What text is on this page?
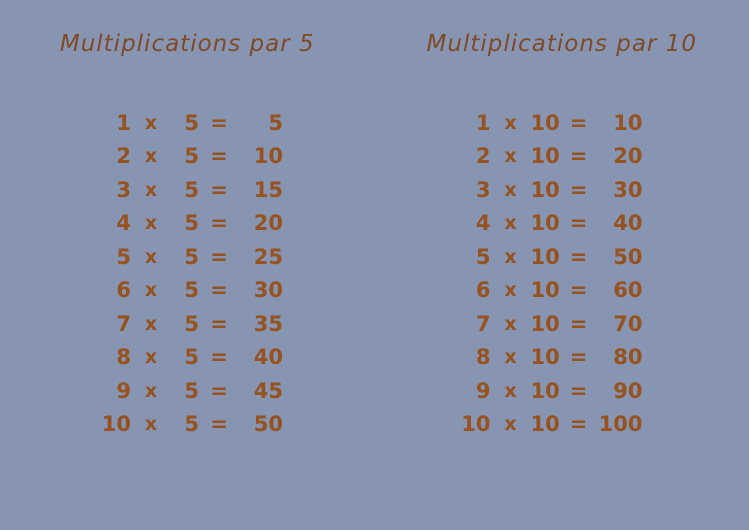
Multiplications par 5
1 x	5 =	5
2 x	5 =	10
3 x	5 =	15
4 x	5 =	20
5 x	5 =	25
6 x	5 =	30
7 x	5 =	35
8 x	5 =	40
9 x	5 =	45
10 x	5 =	50
Multiplications par 10
1 x 10 =	10
2 x 10 =	20
3 x 10 =	30
4 x 10 =	40
5 x 10 =	50
6 x 10 =	60
7 x 10 =	70
8 x 10 =	80
9 x 10 =	90
10 x 10 = 100
